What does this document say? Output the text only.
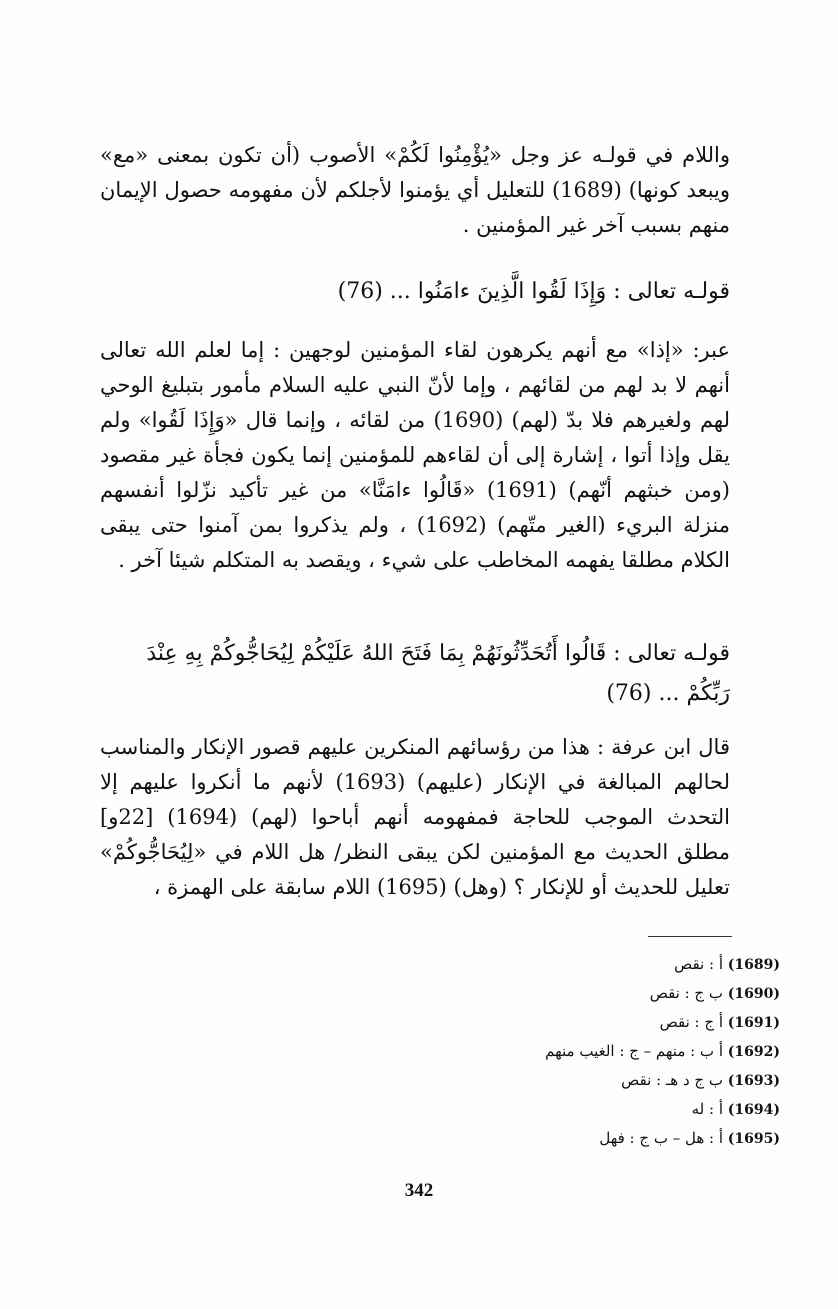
واللام في قولـه عز وجل «يُؤْمِنُوا لَكُمْ» الأصوب (أن تكون بمعنى «مع» ويبعد كونها) (1689) للتعليل أي يؤمنوا لأجلكم لأن مفهومه حصول الإيمان منهم بسبب آخر غير المؤمنين .

قولـه تعالى : وَإِذَا لَقُوا الَّذِينَ ءامَنُوا ... (76)

عبر: «إذا» مع أنهم يكرهون لقاء المؤمنين لوجهين : إما لعلم الله تعالى أنهم لا بد لهم من لقائهم ، وإما لأنّ النبي عليه السلام مأمور بتبليغ الوحي لهم ولغيرهم فلا بدّ (لهم) (1690) من لقائه ، وإنما قال «وَإِذَا لَقُوا» ولم يقل وإذا أتوا ، إشارة إلى أن لقاءهم للمؤمنين إنما يكون فجأة غير مقصود (ومن خبثهم أنّهم) (1691) «قَالُوا ءامَنَّا» من غير تأكيد نزّلوا أنفسهم منزلة البريء (الغير متّهم) (1692) ، ولم يذكروا بمن آمنوا حتى يبقى الكلام مطلقا يفهمه المخاطب على شيء ، ويقصد به المتكلم شيئا آخر .

قولـه تعالى : قَالُوا أَتُحَدِّثُونَهُمْ بِمَا فَتَحَ اللهُ عَلَيْكُمْ لِيُحَاجُّوكُمْ بِهِ عِنْدَ رَبِّكُمْ ... (76)

قال ابن عرفة : هذا من رؤسائهم المنكرين عليهم قصور الإنكار والمناسب لحالهم المبالغة في الإنكار (عليهم) (1693) لأنهم ما أنكروا عليهم إلا التحدث الموجب للحاجة فمفهومه أنهم أباحوا (لهم) (1694) [22و] مطلق الحديث مع المؤمنين لكن يبقى النظر/ هل اللام في «لِيُحَاجُّوكُمْ» تعليل للحديث أو للإنكار ؟ (وهل) (1695) اللام سابقة على الهمزة ،

(1689) أ : نقص
(1690) ب ج : نقص
(1691) أ ج : نقص
(1692) أ ب : منهم – ج : الغيب منهم
(1693) ب ج د هـ : نقص
(1694) أ : له
(1695) أ : هل – ب ج : فهل
342
